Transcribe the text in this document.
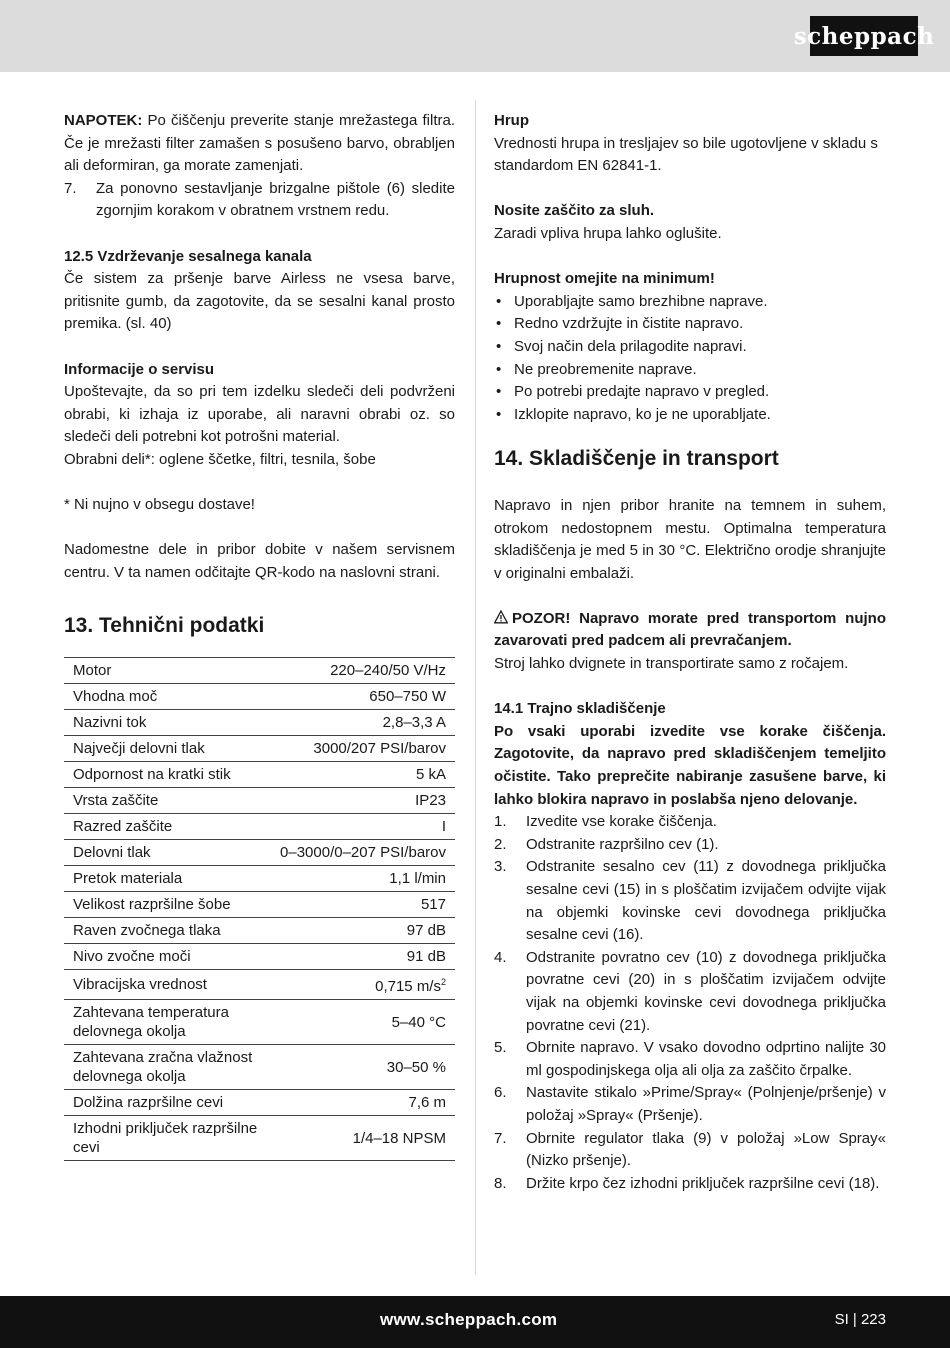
scheppach

NAPOTEK: Po čiščenju preverite stanje mrežastega filtra. Če je mrežasti filter zamašen s posušeno barvo, obrabljen ali deformiran, ga morate zamenjati.

7. Za ponovno sestavljanje brizgalne pištole (6) sledite zgornjim korakom v obratnem vrstnem redu.

12.5 Vzdrževanje sesalnega kanala

Če sistem za pršenje barve Airless ne vsesa barve, pritisnite gumb, da zagotovite, da se sesalni kanal prosto premika. (sl. 40)

Informacije o servisu

Upoštevajte, da so pri tem izdelku sledeči deli podvrženi obrabi, ki izhaja iz uporabe, ali naravni obrabi oz. so sledeči deli potrebni kot potrošni material.

Obrabni deli*: oglene ščetke, filtri, tesnila, šobe

* Ni nujno v obsegu dostave!

Nadomestne dele in pribor dobite v našem servisnem centru. V ta namen odčitajte QR-kodo na naslovni strani.

13. Tehnični podatki

Motor	220–240/50 V/Hz
Vhodna moč	650–750 W
Nazivni tok	2,8–3,3 A
Največji delovni tlak	3000/207 PSI/barov
Odpornost na kratki stik	5 kA
Vrsta zaščite	IP23
Razred zaščite	I
Delovni tlak	0–3000/0–207 PSI/barov
Pretok materiala	1,1 l/min
Velikost razpršilne šobe	517
Raven zvočnega tlaka	97 dB
Nivo zvočne moči	91 dB
Vibracijska vrednost	0,715 $m/s^2$
Zahtevana temperatura delovnega okolja	5–40 °C
Zahtevana zračna vlažnost delovnega okolja	30–50 %
Dolžina razpršilne cevi	7,6 m
Izhodni priključek razpršilne cevi	1/4–18 NPSM

Hrup

Vrednosti hrupa in tresljajev so bile ugotovljene v skladu s standardom EN 62841-1.

Nosite zaščito za sluh.

Zaradi vpliva hrupa lahko oglušite.

Hrupnost omejite na minimum!

• Uporabljajte samo brezhibne naprave.
• Redno vzdržujte in čistite napravo.
• Svoj način dela prilagodite napravi.
• Ne preobremenite naprave.
• Po potrebi predajte napravo v pregled.
• Izklopite napravo, ko je ne uporabljate.

14. Skladiščenje in transport

Napravo in njen pribor hranite na temnem in suhem, otrokom nedostopnem mestu. Optimalna temperatura skladiščenja je med 5 in 30 °C. Električno orodje shranjujte v originalni embalaži.

POZOR! Napravo morate pred transportom nujno zavarovati pred padcem ali prevračanjem.

Stroj lahko dvignete in transportirate samo z ročajem.

14.1 Trajno skladiščenje

Po vsaki uporabi izvedite vse korake čiščenja. Zagotovite, da napravo pred skladiščenjem temeljito očistite. Tako preprečite nabiranje zasušene barve, ki lahko blokira napravo in poslabša njeno delovanje.

1. Izvedite vse korake čiščenja.
2. Odstranite razpršilno cev (1).
3. Odstranite sesalno cev (11) z dovodnega priključka sesalne cevi (15) in s ploščatim izvijačem odvijte vijak na objemki kovinske cevi dovodnega priključka sesalne cevi (16).
4. Odstranite povratno cev (10) z dovodnega priključka povratne cevi (20) in s ploščatim izvijačem odvijte vijak na objemki kovinske cevi dovodnega priključka povratne cevi (21).
5. Obrnite napravo. V vsako dovodno odprtino nalijte 30 ml gospodinjskega olja ali olja za zaščito črpalke.
6. Nastavite stikalo »Prime/Spray« (Polnjenje/pršenje) v položaj »Spray« (Pršenje).
7. Obrnite regulator tlaka (9) v položaj »Low Spray« (Nizko pršenje).
8. Držite krpo čez izhodni priključek razpršilne cevi (18).
www.scheppach.com	SI | 223
